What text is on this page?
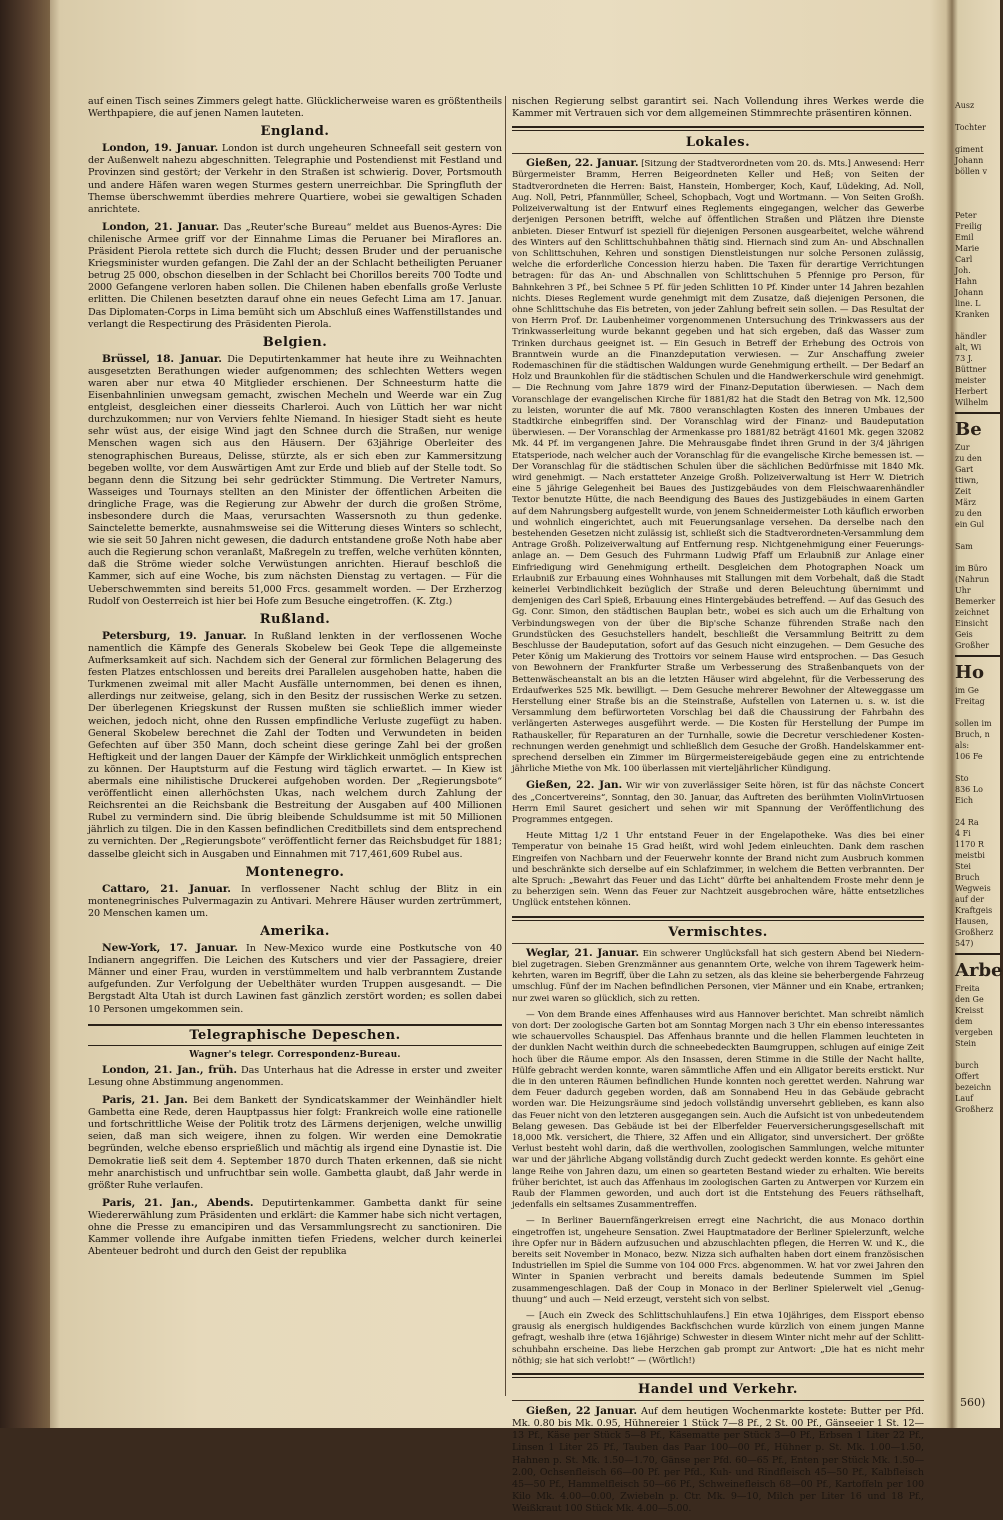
auf einen Tisch seines Zimmers gelegt hatte. Glücklicherweise waren es größtentheils Werthpapiere, die auf jenen Namen lauteten.

England.

London, 19. Januar. London ist durch ungeheuren Schneefall seit gestern von der Außenwelt nahezu abgeschnitten. Telegraphie und Postendienst mit Festland und Provinzen sind gestört; der Verkehr in den Straßen ist schwierig. Dover, Portsmouth und andere Häfen waren wegen Sturmes gestern unerreichbar. Die Springfluth der Themse überschwemmt überdies mehrere Quartiere, wobei sie gewaltigen Schaden anrichtete.

London, 21. Januar. Das „Reuter'sche Bureau“ meldet aus Buenos-Ayres: Die chilenische Armee griff vor der Einnahme Limas die Peruaner bei Miraflores an. Präsident Pierola rettete sich durch die Flucht; dessen Bruder und der peruanische Kriegsminister wurden gefangen. Die Zahl der an der Schlacht betheiligten Peruaner betrug 25 000, obschon dieselben in der Schlacht bei Chorillos bereits 700 Todte und 2000 Gefangene verloren haben sollen. Die Chilenen haben ebenfalls große Verluste erlitten. Die Chilenen besetzten darauf ohne ein neues Gefecht Lima am 17. Januar. Das Diplomaten-Corps in Lima bemüht sich um Abschluß eines Waffenstillstandes und verlangt die Respectirung des Präsidenten Pierola.

Belgien.

Brüssel, 18. Januar. Die Deputirtenkammer hat heute ihre zu Weihnachten ausgesetzten Berathungen wieder aufgenommen; des schlechten Wetters wegen waren aber nur etwa 40 Mitglieder erschienen. Der Schneesturm hatte die Eisenbahnlinien unwegsam gemacht, zwischen Mecheln und Weerde war ein Zug entgleist, desgleichen einer diesseits Charleroi. Auch von Lüttich her war nicht durchzukommen; nur von Verviers fehlte Niemand. In hiesiger Stadt sieht es heute sehr wüst aus, der eisige Wind jagt den Schnee durch die Straßen, nur wenige Menschen wagen sich aus den Häusern. Der 63jährige Oberleiter des stenographischen Bureaus, Delisse, stürzte, als er sich eben zur Kammersitzung begeben wollte, vor dem Auswärtigen Amt zur Erde und blieb auf der Stelle todt. So begann denn die Sitzung bei sehr gedrückter Stimmung. Die Vertreter Namurs, Wasseiges und Tournays stellten an den Minister der öffentlichen Arbeiten die dringliche Frage, was die Regierung zur Abwehr der durch die großen Ströme, insbesondere durch die Maas, verursachten Wassersnoth zu thun gedenke. Sainctelette bemerkte, ausnahmsweise sei die Witterung dieses Winters so schlecht, wie sie seit 50 Jahren nicht gewesen, die dadurch entstandene große Noth habe aber auch die Regierung schon veranlaßt, Maßregeln zu treffen, welche verhüten könnten, daß die Ströme wieder solche Verwüstungen anrichten. Hierauf beschloß die Kammer, sich auf eine Woche, bis zum nächsten Dienstag zu vertagen. — Für die Ueberschwemmten sind bereits 51,000 Frcs. gesammelt worden. — Der Erzherzog Rudolf von Oesterreich ist hier bei Hofe zum Besuche eingetroffen. (K. Ztg.)

Rußland.

Petersburg, 19. Januar. In Rußland lenkten in der verflossenen Woche namentlich die Kämpfe des Generals Skobelew bei Geok Tepe die allgemeinste Aufmerksamkeit auf sich. Nachdem sich der General zur förmlichen Belagerung des festen Platzes entschlossen und bereits drei Parallelen ausgehoben hatte, haben die Turkmenen zweimal mit aller Macht Ausfälle unternommen, bei denen es ihnen, allerdings nur zeitweise, gelang, sich in den Besitz der russischen Werke zu setzen. Der überlegenen Kriegskunst der Russen mußten sie schließlich immer wieder weichen, jedoch nicht, ohne den Russen empfindliche Verluste zugefügt zu haben. General Skobelew berechnet die Zahl der Todten und Verwundeten in beiden Gefechten auf über 350 Mann, doch scheint diese geringe Zahl bei der großen Heftigkeit und der langen Dauer der Kämpfe der Wirklichkeit unmöglich entsprechen zu können. Der Hauptsturm auf die Festung wird täglich erwartet. — In Kiew ist abermals eine nihilistische Druckerei aufgehoben worden. Der „Regierungsbote“ veröffentlicht einen allerhöchsten Ukas, nach welchem durch Zahlung der Reichsrentei an die Reichsbank die Bestreitung der Ausgaben auf 400 Millionen Rubel zu vermindern sind. Die übrig bleibende Schuldsumme ist mit 50 Millionen jährlich zu tilgen. Die in den Kassen befindlichen Creditbillets sind dem entsprechend zu vernichten. Der „Regierungsbote“ veröffentlicht ferner das Reichsbudget für 1881; dasselbe gleicht sich in Ausgaben und Einnahmen mit 717,461,609 Rubel aus.

Montenegro.

Cattaro, 21. Januar. In verflossener Nacht schlug der Blitz in ein montenegrinisches Pulvermagazin zu Antivari. Mehrere Häuser wurden zertrümmert, 20 Menschen kamen um.

Amerika.

New-York, 17. Januar. In New-Mexico wurde eine Postkutsche von 40 Indianern angegriffen. Die Leichen des Kutschers und vier der Passagiere, dreier Männer und einer Frau, wurden in verstümmeltem und halb verbranntem Zustande aufgefunden. Zur Verfolgung der Uebelthäter wurden Truppen ausgesandt. — Die Bergstadt Alta Utah ist durch Lawinen fast gänzlich zerstört worden; es sollen dabei 10 Personen umgekommen sein.

Telegraphische Depeschen.
Wagner's telegr. Correspondenz-Bureau.

London, 21. Jan., früh. Das Unterhaus hat die Adresse in erster und zweiter Lesung ohne Abstimmung angenommen.

Paris, 21. Jan. Bei dem Bankett der Syndicatskammer der Weinhändler hielt Gambetta eine Rede, deren Hauptpassus hier folgt: Frankreich wolle eine rationelle und fortschrittliche Weise der Politik trotz des Lärmens derjenigen, welche unwillig seien, daß man sich weigere, ihnen zu folgen. Wir werden eine Demokratie begründen, welche ebenso ersprießlich und mächtig als irgend eine Dynastie ist. Die Demokratie ließ seit dem 4. September 1870 durch Thaten erkennen, daß sie nicht mehr anarchistisch und unfruchtbar sein wolle. Gambetta glaubt, daß Jahr werde in größter Ruhe verlaufen.

Paris, 21. Jan., Abends. Deputirtenkammer. Gambetta dankt für seine Wiedererwählung zum Präsidenten und erklärt: die Kammer habe sich nicht vertagen, ohne die Presse zu emancipiren und das Versammlungsrecht zu sanctioniren. Die Kammer vollende ihre Aufgabe inmitten tiefen Friedens, welcher durch keinerlei Abenteuer bedroht und durch den Geist der republika

nischen Regierung selbst garantirt sei. Nach Vollendung ihres Werkes werde die Kammer mit Vertrauen sich vor dem allgemeinen Stimmrechte präsentiren können.

Lokales.

Gießen, 22. Januar. [Sitzung der Stadtverordneten vom 20. ds. Mts.] Anwesend: Herr Bürgermeister Bramm, Herren Beigeordneten Keller und Heß; von Seiten der Stadtverordneten die Herren: Baist, Hanstein, Homberger, Koch, Kauf, Lüdeking, Ad. Noll, Aug. Noll, Petri, Pfannmüller, Scheel, Schopbach, Vogt und Wortmann. — Von Seiten Großh. Polizeiverwaltung ist der Entwurf eines Reglements eingegangen, welcher das Gewerbe derjenigen Personen betrifft, welche auf öffentlichen Straßen und Plätzen ihre Dienste anbieten. Dieser Entwurf ist speziell für diejenigen Personen ausgearbeitet, welche während des Winters auf den Schlittschuhbahnen thätig sind. Hiernach sind zum An- und Abschnallen von Schlittschuhen, Kehren und sonstigen Dienstleistungen nur solche Personen zulässig, welche die erforderliche Concession hierzu haben. Die Taxen für derartige Verrichtungen betragen: für das An- und Abschnallen von Schlittschuhen 5 Pfennige pro Person, für Bahnkehren 3 Pf., bei Schnee 5 Pf. für jeden Schlitten 10 Pf. Kinder unter 14 Jahren bezahlen nichts. Dieses Reglement wurde genehmigt mit dem Zusatze, daß diejenigen Personen, die ohne Schlittschuhe das Eis betreten, von jeder Zahlung befreit sein sollen. — Das Resultat der von Herrn Prof. Dr. Laubenheimer vorgenommenen Untersuchung des Trinkwassers aus der Trinkwasserleitung wurde bekannt gegeben und hat sich ergeben, daß das Wasser zum Trinken durchaus geeignet ist. — Ein Gesuch in Betreff der Erhebung des Octrois von Branntwein wurde an die Finanzdeputation verwiesen. — Zur Anschaffung zweier Rodemaschinen für die städtischen Waldungen wurde Genehmigung ertheilt. — Der Bedarf an Holz und Braunkohlen für die städtischen Schulen und die Handwerkerschule wird genehmigt. — Die Rechnung vom Jahre 1879 wird der Finanz-Deputation überwiesen. — Nach dem Voranschlage der evangelischen Kirche für 1881/82 hat die Stadt den Betrag von Mk. 12,500 zu leisten, worunter die auf Mk. 7800 veranschlagten Kosten des inneren Umbaues der Stadtkirche einbegriffen sind. Der Voranschlag wird der Finanz- und Baudeputation überwiesen. — Der Voranschlag der Armenkasse pro 1881/82 beträgt 41601 Mk. gegen 32082 Mk. 44 Pf. im vergangenen Jahre. Die Mehrausgabe findet ihren Grund in der 3/4 jährigen Etatsperiode, nach welcher auch der Voranschlag für die evangelische Kirche bemessen ist. — Der Voranschlag für die städtischen Schulen über die sächlichen Bedürfnisse mit 1840 Mk. wird genehmigt. — Nach erstatteter Anzeige Großh. Polizeiverwaltung ist Herr W. Dietrich eine 5 jährige Gelegenheit bei Baues des Justizgebäudes von dem Fleischwaarenhändler Textor benutzte Hütte, die nach Beendigung des Baues des Justizgebäudes in einem Garten auf dem Nahrungsberg aufgestellt wurde, von jenem Schneidermeister Loth käuflich erworben und wohnlich eingerichtet, auch mit Feuerungsanlage versehen. Da derselbe nach den bestehenden Gesetzen nicht zulässig ist, schließt sich die Stadtverordneten-Versammlung dem Antrage Großh. Polizeiverwaltung auf Entfernung resp. Nichtgenehmigung einer Feuerungsanlage an. — Dem Gesuch des Fuhrmann Ludwig Pfaff um Erlaubniß zur Anlage einer Einfriedigung wird Genehmigung ertheilt. Desgleichen dem Photographen Noack um Erlaubniß zur Erbauung eines Wohnhauses mit Stallungen mit dem Vorbehalt, daß die Stadt keinerlei Verbindlichkeit bezüglich der Straße und deren Beleuchtung übernimmt und demjenigen des Carl Spieß, Erbauung eines Hintergebäudes betreffend. — Auf das Gesuch des Gg. Conr. Simon, den städtischen Bauplan betr., wobei es sich auch um die Erhaltung von Verbindungswegen von der über die Bip'sche Schanze führenden Straße nach den Grundstücken des Gesuchstellers handelt, beschließt die Versammlung Beitritt zu dem Beschlusse der Baudeputation, sofort auf das Gesuch nicht einzugehen. — Dem Gesuche des Peter König um Makierung des Trottoirs vor seinem Hause wird entsprochen. — Das Gesuch von Bewohnern der Frankfurter Straße um Verbesserung des Straßenbanquets von der Bettenwäscheanstalt an bis an die letzten Häuser wird abgelehnt, für die Verbesserung des Erdaufwerkes 525 Mk. bewilligt. — Dem Gesuche mehrerer Bewohner der Alteweggasse um Herstellung einer Straße bis an die Steinstraße, Aufstellen von Laternen u. s. w. ist die Versammlung dem befürworteten Vorschlag bei daß die Chaussirung der Fahrbahn des verlängerten Asterweges ausgeführt werde. — Die Kosten für Herstellung der Pumpe im Rathauskeller, für Reparaturen an der Turnhalle, sowie die Decretur verschiedener Kostenrechnungen werden genehmigt und schließlich dem Gesuche der Großh. Handelskammer entsprechend derselben ein Zimmer im Bürgermeistereigebäude gegen eine zu entrichtende jährliche Miethe von Mk. 100 überlassen mit vierteljährlicher Kündigung.

Gießen, 22. Jan. Wir wir von zuverlässiger Seite hören, ist für das nächste Concert des „Concertvereins“, Sonntag, den 30. Januar, das Auftreten des berühmten ViolinVirtuosen Herrn Emil Sauret gesichert und sehen wir mit Spannung der Veröffentlichung des Programmes entgegen.

Heute Mittag 1/2 1 Uhr entstand Feuer in der Engelapotheke. Was dies bei einer Temperatur von beinahe 15 Grad heißt, wird wohl Jedem einleuchten. Dank dem raschen Eingreifen von Nachbarn und der Feuerwehr konnte der Brand nicht zum Ausbruch kommen und beschränkte sich derselbe auf ein Schlafzimmer, in welchem die Betten verbrannten. Der alte Spruch: „Bewahrt das Feuer und das Licht“ dürfte bei anhaltendem Froste mehr denn je zu beherzigen sein. Wenn das Feuer zur Nachtzeit ausgebrochen wäre, hätte entsetzliches Unglück entstehen können.

Vermischtes.

Weglar, 21. Januar. Ein schwerer Unglücksfall hat sich gestern Abend bei Niedernbiel zugetragen. Sieben Grenzmänner aus genanntem Orte, welche von ihrem Tagewerk heimkehrten, waren im Begriff, über die Lahn zu setzen, als das kleine sie beherbergende Fahrzeug umschlug. Fünf der im Nachen befindlichen Personen, vier Männer und ein Knabe, ertranken; nur zwei waren so glücklich, sich zu retten.

— Von dem Brande eines Affenhauses wird aus Hannover berichtet. Man schreibt nämlich von dort: Der zoologische Garten bot am Sonntag Morgen nach 3 Uhr ein ebenso interessantes wie schauervolles Schauspiel. Das Affenhaus brannte und die hellen Flammen leuchteten in der dunklen Nacht weithin durch die schneebedeckten Baumgruppen, schlugen auf einige Zeit hoch über die Räume empor. Als den Insassen, deren Stimme in die Stille der Nacht hallte, Hülfe gebracht werden konnte, waren sämmtliche Affen und ein Alligator bereits erstickt. Nur die in den unteren Räumen befindlichen Hunde konnten noch gerettet werden. Nahrung war dem Feuer dadurch gegeben worden, daß am Sonnabend Heu in das Gebäude gebracht worden war. Die Heizungsräume sind jedoch vollständig unversehrt geblieben, es kann also das Feuer nicht von den letzteren ausgegangen sein. Auch die Aufsicht ist von unbedeutendem Belang gewesen. Das Gebäude ist bei der Elberfelder Feuerversicherungsgesellschaft mit 18,000 Mk. versichert, die Thiere, 32 Affen und ein Alligator, sind unversichert. Der größte Verlust besteht wohl darin, daß die werthvollen, zoologischen Sammlungen, welche mitunter war und der jährliche Abgang vollständig durch Zucht gedeckt werden konnte. Es gehört eine lange Reihe von Jahren dazu, um einen so gearteten Bestand wieder zu erhalten. Wie bereits früher berichtet, ist auch das Affenhaus im zoologischen Garten zu Antwerpen vor Kurzem ein Raub der Flammen geworden, und auch dort ist die Entstehung des Feuers räthselhaft, jedenfalls ein seltsames Zusammentreffen.

— In Berliner Bauernfängerkreisen erregt eine Nachricht, die aus Monaco dorthin eingetroffen ist, ungeheure Sensation. Zwei Hauptmatadore der Berliner Spielerzunft, welche ihre Opfer nur in Bädern aufzusuchen und abzuschlachten pflegen, die Herren W. und K., die bereits seit November in Monaco, bezw. Nizza sich aufhalten haben dort einem französischen Industriellen im Spiel die Summe von 104 000 Frcs. abgenommen. W. hat vor zwei Jahren den Winter in Spanien verbracht und bereits damals bedeutende Summen im Spiel zusammengeschlagen. Daß der Coup in Monaco in der Berliner Spielerwelt viel „Genugthuung“ und auch — Neid erzeugt, versteht sich von selbst.

— [Auch ein Zweck des Schlittschuhlaufens.] Ein etwa 10jähriges, dem Eissport ebenso grausig als energisch huldigendes Backfischchen wurde kürzlich von einem jungen Manne gefragt, weshalb ihre (etwa 16jährige) Schwester in diesem Winter nicht mehr auf der Schlittschuhbahn erscheine. Das liebe Herzchen gab prompt zur Antwort: „Die hat es nicht mehr nöthig; sie hat sich verlobt!“ — (Wörtlich!)

Handel und Verkehr.

Gießen, 22 Januar. Auf dem heutigen Wochenmarkte kostete: Butter per Pfd. Mk. 0.80 bis Mk. 0.95, Hühnereier 1 Stück 7—8 Pf., 2 St. 00 Pf., Gänseeier 1 St. 12—13 Pf., Käse per Stück 5—8 Pf., Käsematte per Stück 3—0 Pf., Erbsen 1 Liter 22 Pf., Linsen 1 Liter 25 Pf., Tauben das Paar 100—00 Pf., Hühner p. St. Mk. 1.00—1.50, Hahnen p. St. Mk. 1.50—1.70, Gänse per Pfd. 60—65 Pf., Enten per Stück Mk. 1.50—2.00, Ochsenfleisch 66—00 Pf. per Pfd., Kuh- und Rindfleisch 45—50 Pf., Kalbfleisch 45—50 Pf., Hammelfleisch 50—66 Pf., Schweinefleisch 68—00 Pf., Kartoffeln per 100 Kilo Mk. 4.00—0.00, Zwiebeln p. Ctr. Mk. 9—10, Milch per Liter 16 und 18 Pf., Weißkraut 100 Stück Mk. 4.00—5.00.

Ausz
Tochter
giment
Johann
böllen v
Peter
Freilig
Emil
Marie
Carl
Joh.
Hahn
Johann
line. L
Kranken
händler
alt, Wi
73 J.
Büttner
meister
Herbert
Wilhelm
Be
Zur
zu den
Gart
ttiwn,
Zeit
März
zu den
ein Gul
Sam
im Büro
(Nahrun
Uhr
Bemerker
zeichnet
Einsicht
Geis
Großher
Ho
im Ge
Freitag
sollen im
Bruch, n
als:
106 Fe
Sto
836 Lo
Eich
24 Ra
4 Fi
1170 R
meistbi
Stei
Bruch
Wegweis
auf der
Kraftgeis
Hausen,
Großherz
547)
Arbe
Freita
den Ge
Kreisst
dem
vergeben
Stein
burch
Offert
bezeichn
Lauf
Großherz
560)
